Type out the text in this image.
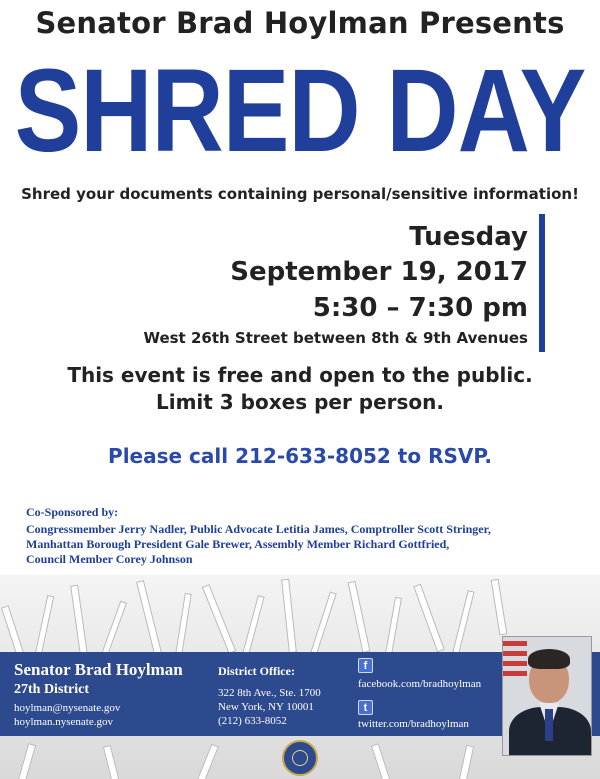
Senator Brad Hoylman Presents
SHRED DAY
Shred your documents containing personal/sensitive information!
Tuesday
September 19, 2017
5:30 – 7:30 pm
West 26th Street between 8th & 9th Avenues
This event is free and open to the public.
Limit 3 boxes per person.
Please call 212-633-8052 to RSVP.
Co-Sponsored by:
Congressmember Jerry Nadler, Public Advocate Letitia James, Comptroller Scott Stringer,
Manhattan Borough President Gale Brewer, Assembly Member Richard Gottfried,
Council Member Corey Johnson
Senator Brad Hoylman
27th District
hoylman@nysenate.gov
hoylman.nysenate.gov
District Office:
322 8th Ave., Ste. 1700
New York, NY 10001
(212) 633-8052
f
facebook.com/bradhoylman
t
twitter.com/bradhoylman
